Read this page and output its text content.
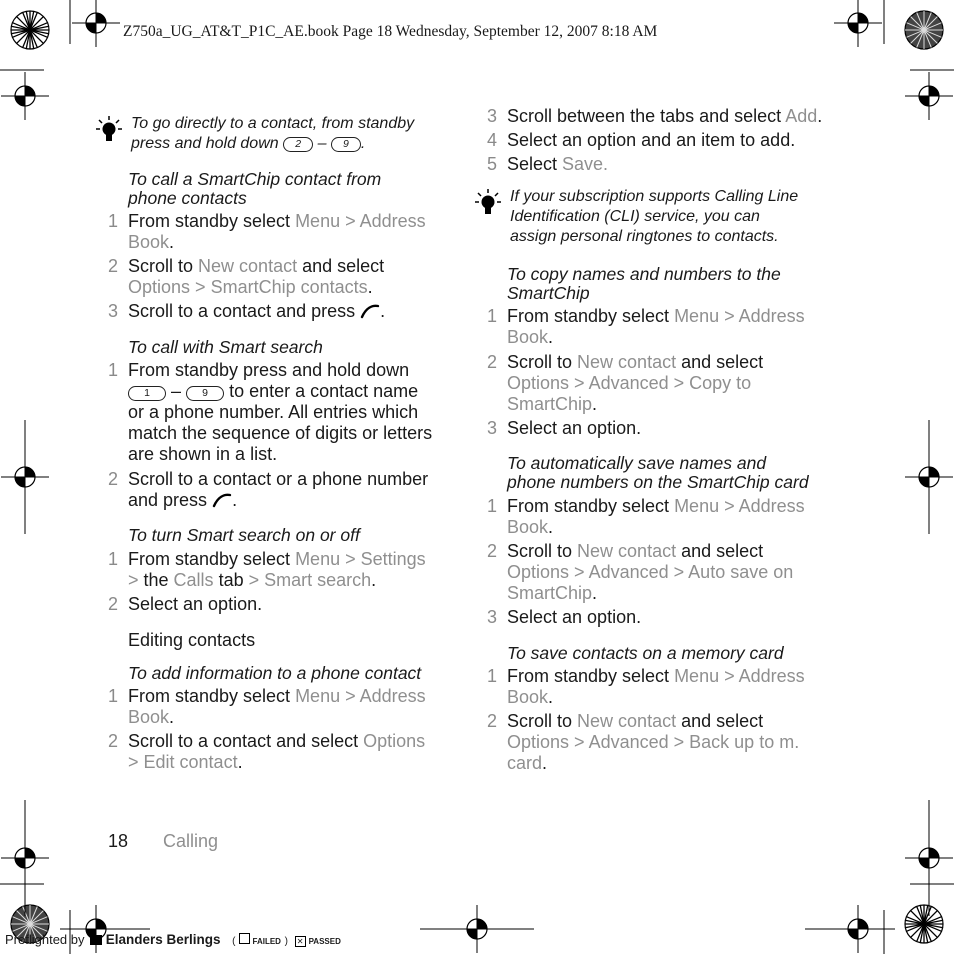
Z750a_UG_AT&T_P1C_AE.book Page 18 Wednesday, September 12, 2007 8:18 AM
To go directly to a contact, from standby
press and hold down 2 – 9 .
To call a SmartChip contact from
phone contacts
1 From standby select Menu > Address
Book.
2 Scroll to New contact and select
Options > SmartChip contacts.
3 Scroll to a contact and press .
To call with Smart search
1 From standby press and hold down
1 – 9 to enter a contact name
or a phone number. All entries which
match the sequence of digits or letters
are shown in a list.
2 Scroll to a contact or a phone number
and press .
To turn Smart search on or off
1 From standby select Menu > Settings
> the Calls tab > Smart search.
2 Select an option.
Editing contacts
To add information to a phone contact
1 From standby select Menu > Address
Book.
2 Scroll to a contact and select Options
> Edit contact.
3 Scroll between the tabs and select Add.
4 Select an option and an item to add.
5 Select Save.
If your subscription supports Calling Line
Identification (CLI) service, you can
assign personal ringtones to contacts.
To copy names and numbers to the
SmartChip
1 From standby select Menu > Address
Book.
2 Scroll to New contact and select
Options > Advanced > Copy to
SmartChip.
3 Select an option.
To automatically save names and
phone numbers on the SmartChip card
1 From standby select Menu > Address
Book.
2 Scroll to New contact and select
Options > Advanced > Auto save on
SmartChip.
3 Select an option.
To save contacts on a memory card
1 From standby select Menu > Address
Book.
2 Scroll to New contact and select
Options > Advanced > Back up to m.
card.
18 Calling
Preflighted by Elanders Berlings ( FAILED ) ✕ PASSED
